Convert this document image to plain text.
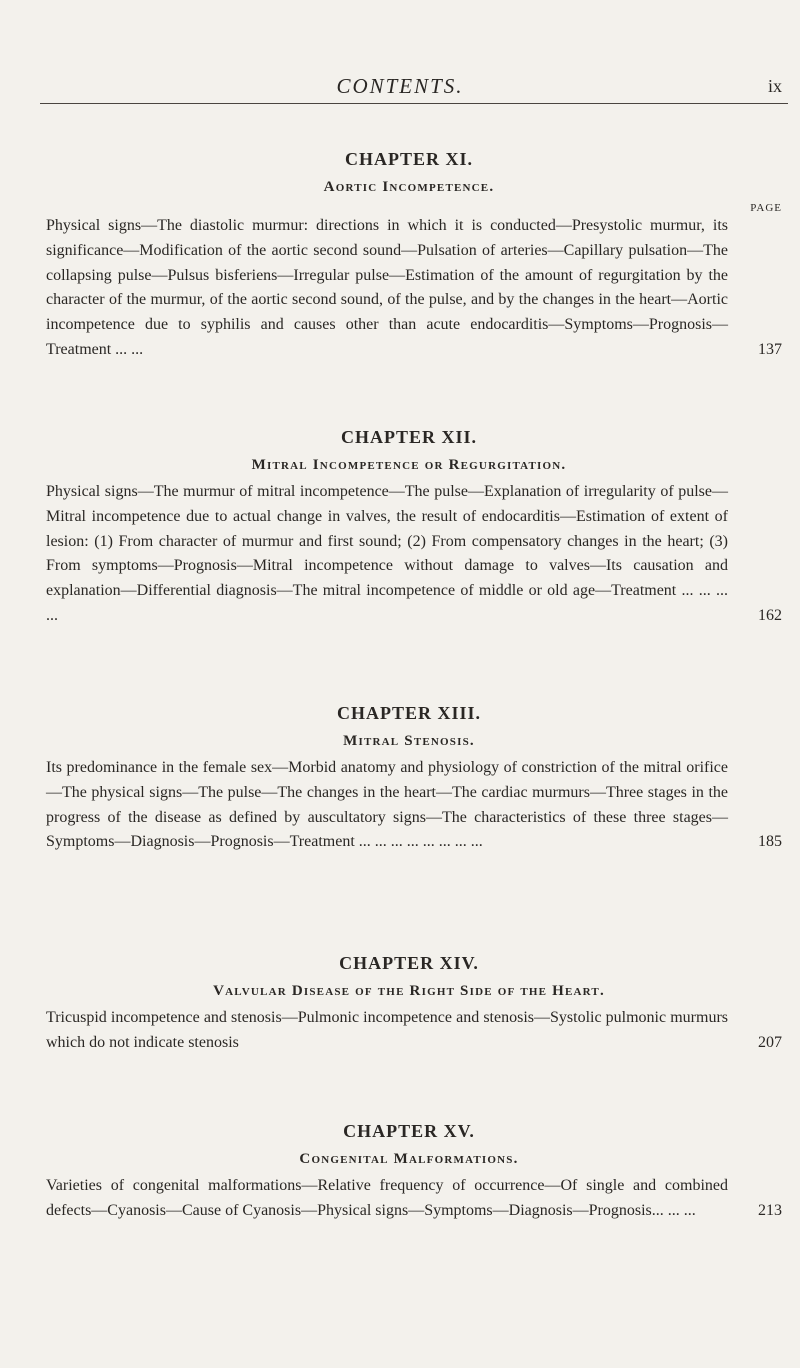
CONTENTS.	ix
CHAPTER XI.
Aortic Incompetence.

PAGE

Physical signs—The diastolic murmur: directions in which it is conducted—Presystolic murmur, its significance—Modification of the aortic second sound—Pulsation of arteries—Capillary pulsation—The collapsing pulse—Pulsus bisferiens—Irregular pulse—Estimation of the amount of regurgitation by the character of the murmur, of the aortic second sound, of the pulse, and by the changes in the heart—Aortic incompetence due to syphilis and causes other than acute endocarditis—Symptoms—Prognosis—Treatment ... ...	137

CHAPTER XII.
Mitral Incompetence or Regurgitation.

Physical signs—The murmur of mitral incompetence—The pulse—Explanation of irregularity of pulse—Mitral incompetence due to actual change in valves, the result of endocarditis—Estimation of extent of lesion: (1) From character of murmur and first sound; (2) From compensatory changes in the heart; (3) From symptoms—Prognosis—Mitral incompetence without damage to valves—Its causation and explanation—Differential diagnosis—The mitral incompetence of middle or old age—Treatment ... ... ... ...	162

CHAPTER XIII.
Mitral Stenosis.

Its predominance in the female sex—Morbid anatomy and physiology of constriction of the mitral orifice—The physical signs—The pulse—The changes in the heart—The cardiac murmurs—Three stages in the progress of the disease as defined by auscultatory signs—The characteristics of these three stages—Symptoms—Diagnosis—Prognosis—Treatment ... ... ... ... ... ... ... ...	185

CHAPTER XIV.
Valvular Disease of the Right Side of the Heart.

Tricuspid incompetence and stenosis—Pulmonic incompetence and stenosis—Systolic pulmonic murmurs which do not indicate stenosis	207

CHAPTER XV.
Congenital Malformations.

Varieties of congenital malformations—Relative frequency of occurrence—Of single and combined defects—Cyanosis—Cause of Cyanosis—Physical signs—Symptoms—Diagnosis—Prognosis... ... ...	213
